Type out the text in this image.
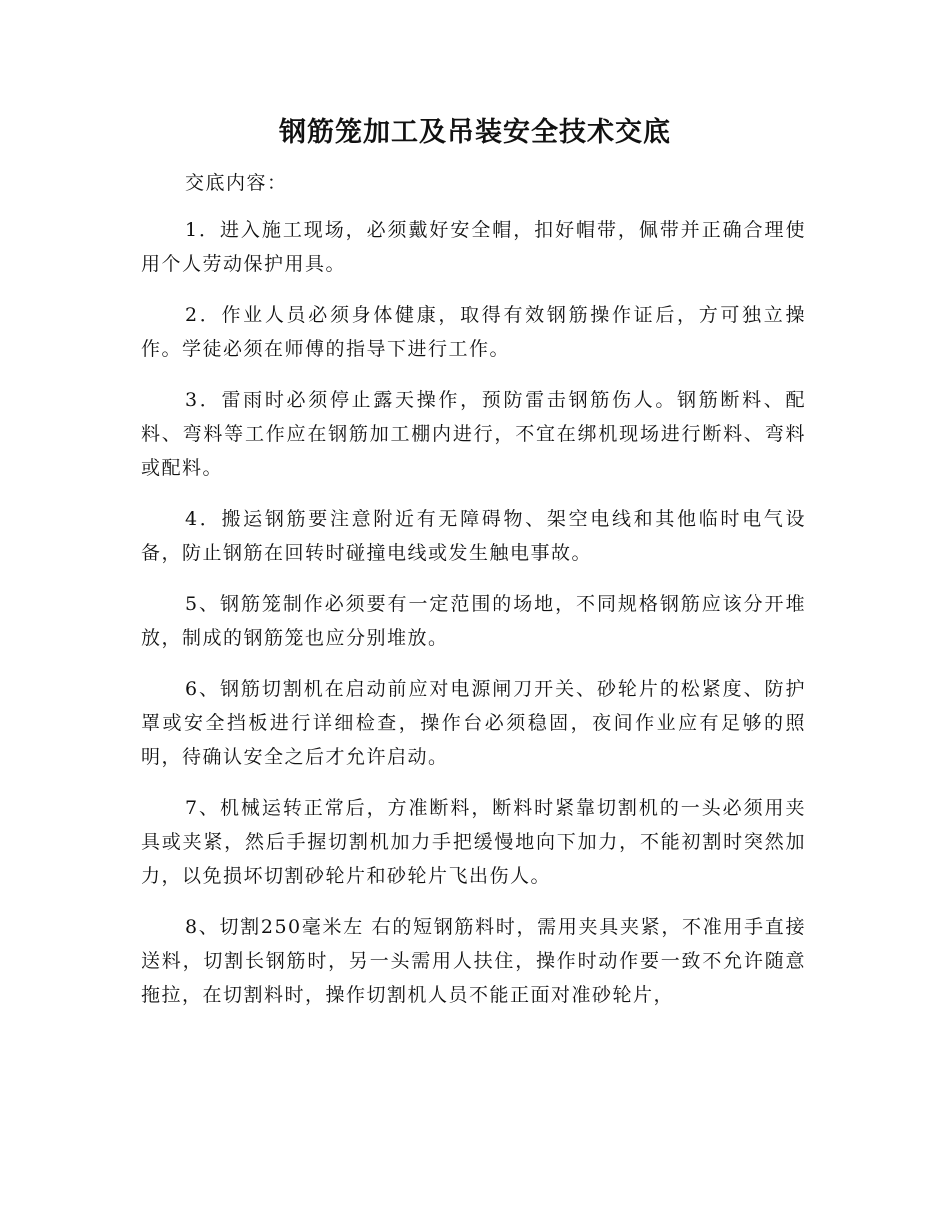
钢筋笼加工及吊装安全技术交底

交底内容：

1．进入施工现场，必须戴好安全帽，扣好帽带，佩带并正确合理使用个人劳动保护用具。

2．作业人员必须身体健康，取得有效钢筋操作证后，方可独立操作。学徒必须在师傅的指导下进行工作。

3．雷雨时必须停止露天操作，预防雷击钢筋伤人。钢筋断料、配料、弯料等工作应在钢筋加工棚内进行，不宜在绑机现场进行断料、弯料或配料。

4．搬运钢筋要注意附近有无障碍物、架空电线和其他临时电气设备，防止钢筋在回转时碰撞电线或发生触电事故。

5、钢筋笼制作必须要有一定范围的场地，不同规格钢筋应该分开堆放，制成的钢筋笼也应分别堆放。

6、钢筋切割机在启动前应对电源闸刀开关、砂轮片的松紧度、防护罩或安全挡板进行详细检查，操作台必须稳固，夜间作业应有足够的照明，待确认安全之后才允许启动。

7、机械运转正常后，方准断料，断料时紧靠切割机的一头必须用夹具或夹紧，然后手握切割机加力手把缓慢地向下加力，不能初割时突然加力，以免损坏切割砂轮片和砂轮片飞出伤人。

8、切割250毫米左 右的短钢筋料时，需用夹具夹紧，不准用手直接送料，切割长钢筋时，另一头需用人扶住，操作时动作要一致不允许随意拖拉，在切割料时，操作切割机人员不能正面对准砂轮片，
